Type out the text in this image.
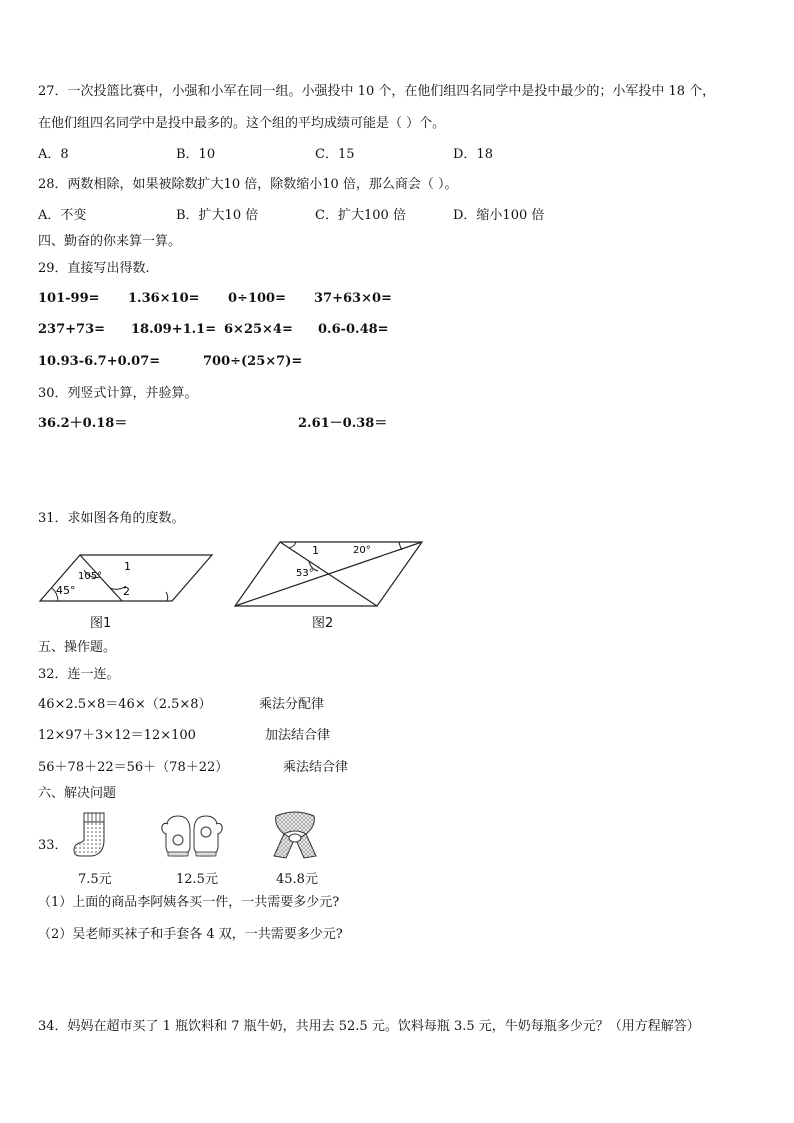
27．一次投篮比赛中，小强和小军在同一组。小强投中 10 个，在他们组四名同学中是投中最少的；小军投中 18 个，
在他们组四名同学中是投中最多的。这个组的平均成绩可能是（ ）个。
A．8	B．10	C．15	D．18
28．两数相除，如果被除数扩大10 倍，除数缩小10 倍，那么商会（ ）。
A．不变	B．扩大10 倍	C．扩大100 倍	D．缩小100 倍
四、勤奋的你来算一算。
29．直接写出得数.
101-99= 1.36×10= 0÷100= 37+63×0=
237+73= 18.09+1.1= 6×25×4= 0.6-0.48=
10.93-6.7+0.07=	700÷(25×7)=
30．列竖式计算，并验算。
36.2＋0.18＝	2.61－0.38＝
31．求如图各角的度数。
45°
105°
1
2
图1
1	20°
53°
图2
五、操作题。
32．连一连。
46×2.5×8＝46×（2.5×8）	乘法分配律
12×97＋3×12＝12×100	加法结合律
56＋78＋22＝56＋（78＋22）	乘法结合律
六、解决问题
33．
7.5元	12.5元	45.8元
（1）上面的商品李阿姨各买一件，一共需要多少元?
（2）吴老师买袜子和手套各 4 双，一共需要多少元?
34．妈妈在超市买了 1 瓶饮料和 7 瓶牛奶，共用去 52.5 元。饮料每瓶 3.5 元，牛奶每瓶多少元？（用方程解答）
